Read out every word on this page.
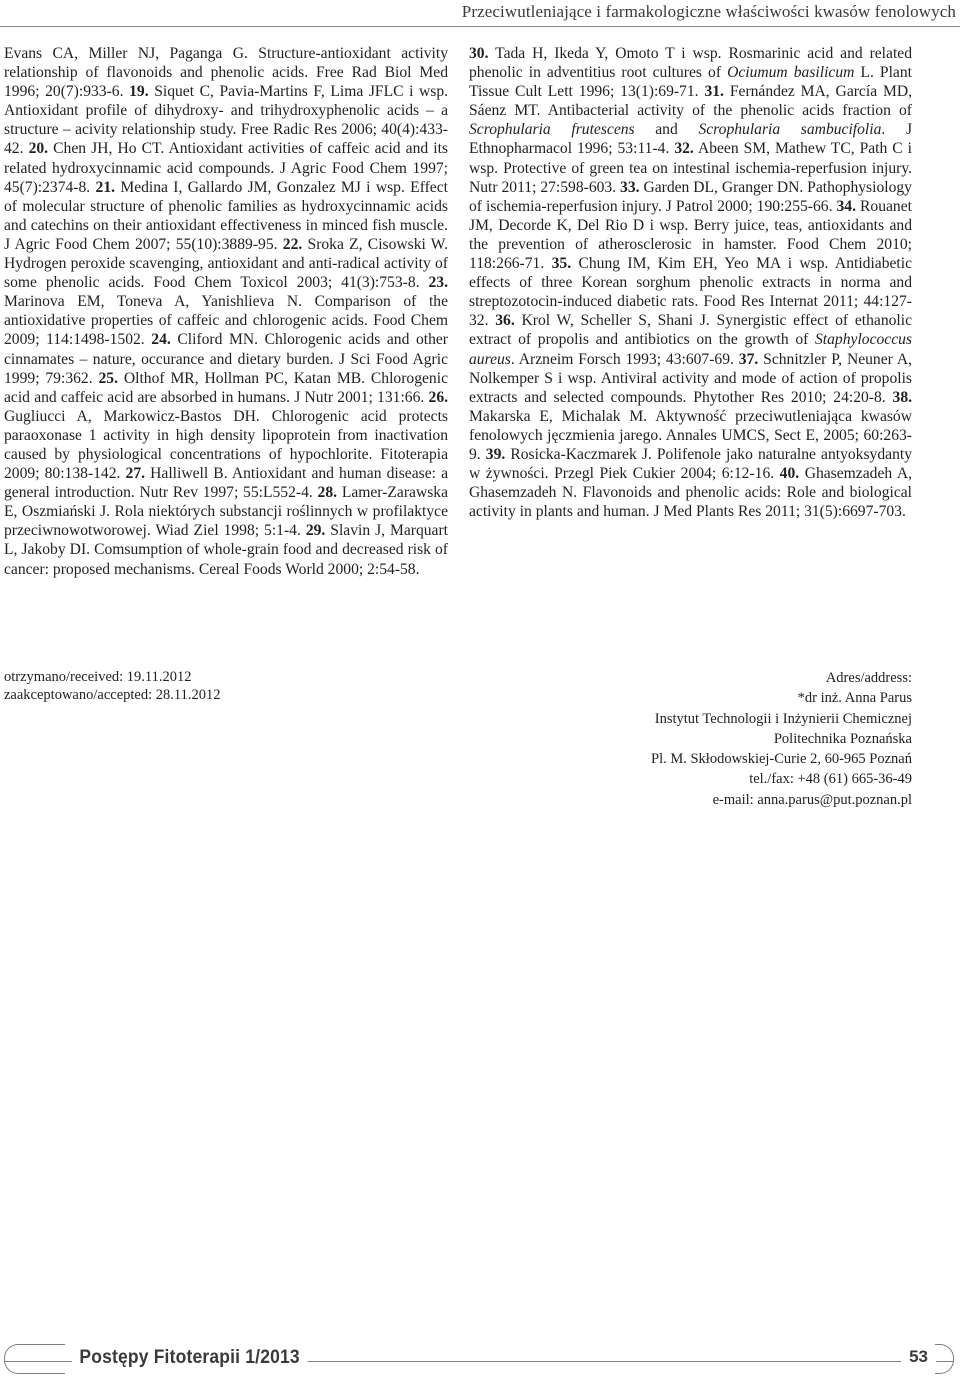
Przeciwutleniające i farmakologiczne właściwości kwasów fenolowych
Evans CA, Miller NJ, Paganga G. Structure-antioxidant activity relationship of flavonoids and phenolic acids. Free Rad Biol Med 1996; 20(7):933-6. 19. Siquet C, Pavia-Martins F, Lima JFLC i wsp. Antioxidant profile of dihydroxy- and trihydroxyphenolic acids – a structure – acivity relationship study. Free Radic Res 2006; 40(4):433-42. 20. Chen JH, Ho CT. Antioxidant activities of caffeic acid and its related hydroxycinnamic acid compounds. J Agric Food Chem 1997; 45(7):2374-8. 21. Medina I, Gallardo JM, Gonzalez MJ i wsp. Effect of molecular structure of phenolic families as hydroxycinnamic acids and catechins on their antioxidant effectiveness in minced fish muscle. J Agric Food Chem 2007; 55(10):3889-95. 22. Sroka Z, Cisowski W. Hydrogen peroxide scavenging, antioxidant and anti-radical activity of some phenolic acids. Food Chem Toxicol 2003; 41(3):753-8. 23. Marinova EM, Toneva A, Yanishlieva N. Comparison of the antioxidative properties of caffeic and chlorogenic acids. Food Chem 2009; 114:1498-1502. 24. Cliford MN. Chlorogenic acids and other cinnamates – nature, occurance and dietary burden. J Sci Food Agric 1999; 79:362. 25. Olthof MR, Hollman PC, Katan MB. Chlorogenic acid and caffeic acid are absorbed in humans. J Nutr 2001; 131:66. 26. Gugliucci A, Markowicz-Bastos DH. Chlorogenic acid protects paraoxonase 1 activity in high density lipoprotein from inactivation caused by physiological concentrations of hypochlorite. Fitoterapia 2009; 80:138-142. 27. Halliwell B. Antioxidant and human disease: a general introduction. Nutr Rev 1997; 55:L552-4. 28. Lamer-Zarawska E, Oszmiański J. Rola niektórych substancji roślinnych w profilaktyce przeciwnowotworowej. Wiad Ziel 1998; 5:1-4. 29. Slavin J, Marquart L, Jakoby DI. Comsumption of whole-grain food and decreased risk of cancer: proposed mechanisms. Cereal Foods World 2000; 2:54-58.
30. Tada H, Ikeda Y, Omoto T i wsp. Rosmarinic acid and related phenolic in adventitius root cultures of Ociumum basilicum L. Plant Tissue Cult Lett 1996; 13(1):69-71. 31. Fernández MA, García MD, Sáenz MT. Antibacterial activity of the phenolic acids fraction of Scrophularia frutescens and Scrophularia sambucifolia. J Ethnopharmacol 1996; 53:11-4. 32. Abeen SM, Mathew TC, Path C i wsp. Protective of green tea on intestinal ischemia-reperfusion injury. Nutr 2011; 27:598-603. 33. Garden DL, Granger DN. Pathophysiology of ischemia-reperfusion injury. J Patrol 2000; 190:255-66. 34. Rouanet JM, Decorde K, Del Rio D i wsp. Berry juice, teas, antioxidants and the prevention of atherosclerosic in hamster. Food Chem 2010; 118:266-71. 35. Chung IM, Kim EH, Yeo MA i wsp. Antidiabetic effects of three Korean sorghum phenolic extracts in norma and streptozotocin-induced diabetic rats. Food Res Internat 2011; 44:127-32. 36. Krol W, Scheller S, Shani J. Synergistic effect of ethanolic extract of propolis and antibiotics on the growth of Staphylococcus aureus. Arzneim Forsch 1993; 43:607-69. 37. Schnitzler P, Neuner A, Nolkemper S i wsp. Antiviral activity and mode of action of propolis extracts and selected compounds. Phytother Res 2010; 24:20-8. 38. Makarska E, Michalak M. Aktywność przeciwutleniająca kwasów fenolowych jęczmienia jarego. Annales UMCS, Sect E, 2005; 60:263-9. 39. Rosicka-Kaczmarek J. Polifenole jako naturalne antyoksydanty w żywności. Przegl Piek Cukier 2004; 6:12-16. 40. Ghasemzadeh A, Ghasemzadeh N. Flavonoids and phenolic acids: Role and biological activity in plants and human. J Med Plants Res 2011; 31(5):6697-703.
otrzymano/received: 19.11.2012
zaakceptowano/accepted: 28.11.2012
Adres/address:
*dr inż. Anna Parus
Instytut Technologii i Inżynierii Chemicznej
Politechnika Poznańska
Pl. M. Skłodowskiej-Curie 2, 60-965 Poznań
tel./fax: +48 (61) 665-36-49
e-mail: anna.parus@put.poznan.pl
Postępy Fitoterapii 1/2013	53
